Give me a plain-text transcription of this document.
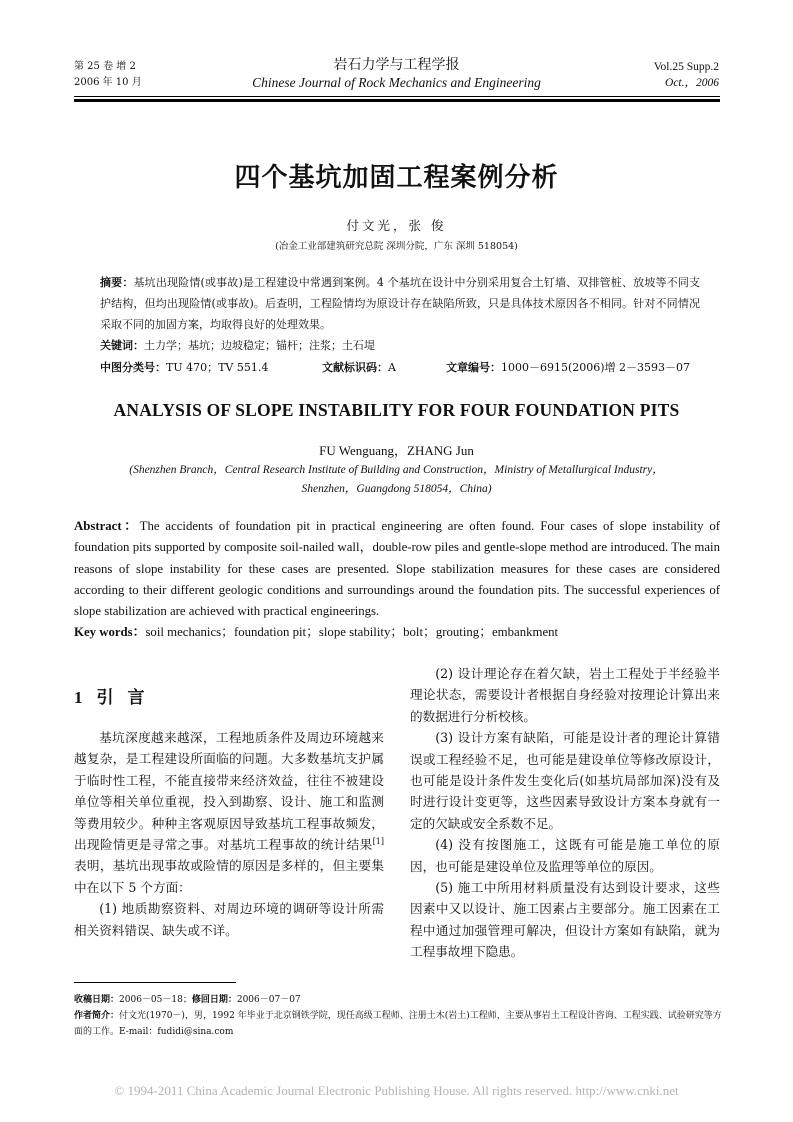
第 25 卷 增 2
2006 年 10 月
岩石力学与工程学报
Chinese Journal of Rock Mechanics and Engineering
Vol.25 Supp.2
Oct.，2006
四个基坑加固工程案例分析
付文光，张 俊
(冶金工业部建筑研究总院 深圳分院，广东 深圳 518054)
摘要：基坑出现险情(或事故)是工程建设中常遇到案例。4 个基坑在设计中分别采用复合土钉墙、双排管桩、放坡等不同支护结构，但均出现险情(或事故)。后查明，工程险情均为原设计存在缺陷所致，只是具体技术原因各不相同。针对不同情况采取不同的加固方案，均取得良好的处理效果。
关键词：土力学；基坑；边坡稳定；锚杆；注浆；土石堤
中图分类号：TU 470；TV 551.4	文献标识码：A	文章编号：1000－6915(2006)增 2－3593－07
ANALYSIS OF SLOPE INSTABILITY FOR FOUR FOUNDATION PITS
FU Wenguang，ZHANG Jun
(Shenzhen Branch，Central Research Institute of Building and Construction，Ministry of Metallurgical Industry，
Shenzhen，Guangdong 518054，China)
Abstract：The accidents of foundation pit in practical engineering are often found. Four cases of slope instability of foundation pits supported by composite soil-nailed wall，double-row piles and gentle-slope method are introduced. The main reasons of slope instability for these cases are presented. Slope stabilization measures for these cases are considered according to their different geologic conditions and surroundings around the foundation pits. The successful experiences of slope stabilization are achieved with practical engineerings.
Key words：soil mechanics；foundation pit；slope stability；bolt；grouting；embankment
1 引言

基坑深度越来越深，工程地质条件及周边环境越来越复杂，是工程建设所面临的问题。大多数基坑支护属于临时性工程，不能直接带来经济效益，往往不被建设单位等相关单位重视，投入到勘察、设计、施工和监测等费用较少。种种主客观原因导致基坑工程事故频发，出现险情更是寻常之事。对基坑工程事故的统计结果[1]表明，基坑出现事故或险情的原因是多样的，但主要集中在以下 5 个方面：

(1) 地质勘察资料、对周边环境的调研等设计所需相关资料错误、缺失或不详。

(2) 设计理论存在着欠缺，岩土工程处于半经验半理论状态，需要设计者根据自身经验对按理论计算出来的数据进行分析校核。

(3) 设计方案有缺陷，可能是设计者的理论计算错误或工程经验不足，也可能是建设单位等修改原设计，也可能是设计条件发生变化后(如基坑局部加深)没有及时进行设计变更等，这些因素导致设计方案本身就有一定的欠缺或安全系数不足。

(4) 没有按图施工，这既有可能是施工单位的原因，也可能是建设单位及监理等单位的原因。

(5) 施工中所用材料质量没有达到设计要求，这些因素中又以设计、施工因素占主要部分。施工因素在工程中通过加强管理可解决，但设计方案如有缺陷，就为工程事故埋下隐患。

收稿日期：2006－05－18；修回日期：2006－07－07
作者简介：付文光(1970－)，男，1992 年毕业于北京钢铁学院，现任高级工程师、注册土木(岩土)工程师，主要从事岩土工程设计咨询、工程实践、试验研究等方面的工作。E-mail：fudidi@sina.com
© 1994-2011 China Academic Journal Electronic Publishing House. All rights reserved. http://www.cnki.net
